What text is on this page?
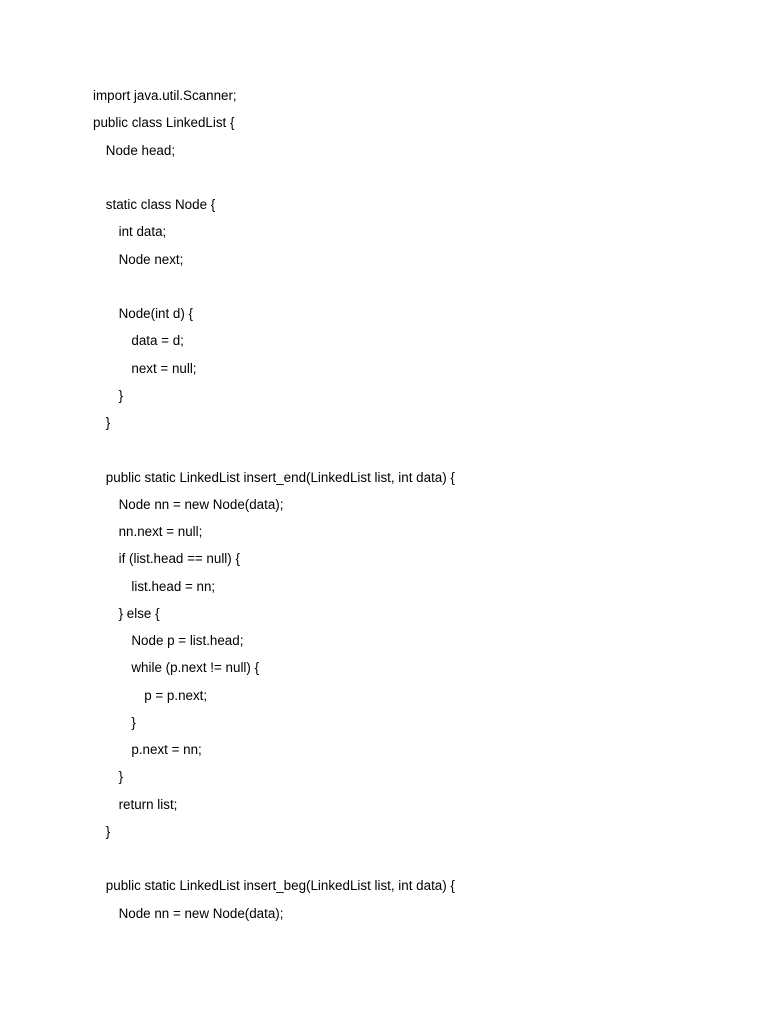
import java.util.Scanner;
public class LinkedList {
Node head;
static class Node {
int data;
Node next;
Node(int d) {
data = d;
next = null;
}
}
public static LinkedList insert_end(LinkedList list, int data) {
Node nn = new Node(data);
nn.next = null;
if (list.head == null) {
list.head = nn;
} else {
Node p = list.head;
while (p.next != null) {
p = p.next;
}
p.next = nn;
}
return list;
}
public static LinkedList insert_beg(LinkedList list, int data) {
Node nn = new Node(data);
